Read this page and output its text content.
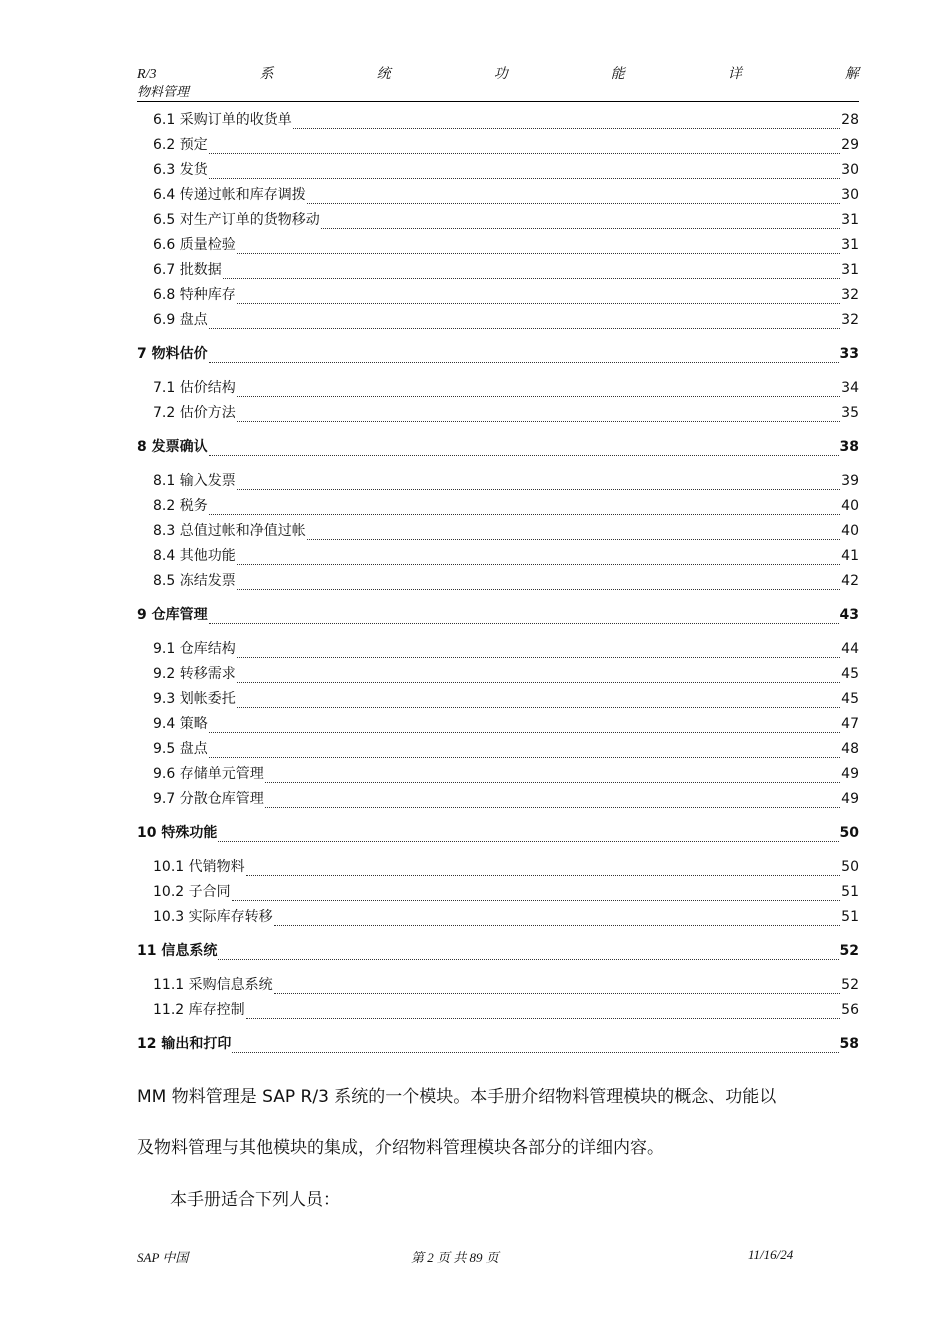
R/3	系	统	功	能	详	解
物料管理
6.1 采购订单的收货单	28
6.2 预定	29
6.3 发货	30
6.4 传递过帐和库存调拨	30
6.5 对生产订单的货物移动	31
6.6 质量检验	31
6.7 批数据	31
6.8 特种库存	32
6.9 盘点	32
7 物料估价	33
7.1 估价结构	34
7.2 估价方法	35
8 发票确认	38
8.1 输入发票	39
8.2 税务	40
8.3 总值过帐和净值过帐	40
8.4 其他功能	41
8.5 冻结发票	42
9 仓库管理	43
9.1 仓库结构	44
9.2 转移需求	45
9.3 划帐委托	45
9.4 策略	47
9.5 盘点	48
9.6 存储单元管理	49
9.7 分散仓库管理	49
10 特殊功能	50
10.1 代销物料	50
10.2 子合同	51
10.3 实际库存转移	51
11 信息系统	52
11.1 采购信息系统	52
11.2 库存控制	56
12 输出和打印	58
MM 物料管理是 SAP R/3 系统的一个模块。本手册介绍物料管理模块的概念、功能以
及物料管理与其他模块的集成，介绍物料管理模块各部分的详细内容。
本手册适合下列人员：
SAP 中国	第 2 页 共 89 页	11/16/24
